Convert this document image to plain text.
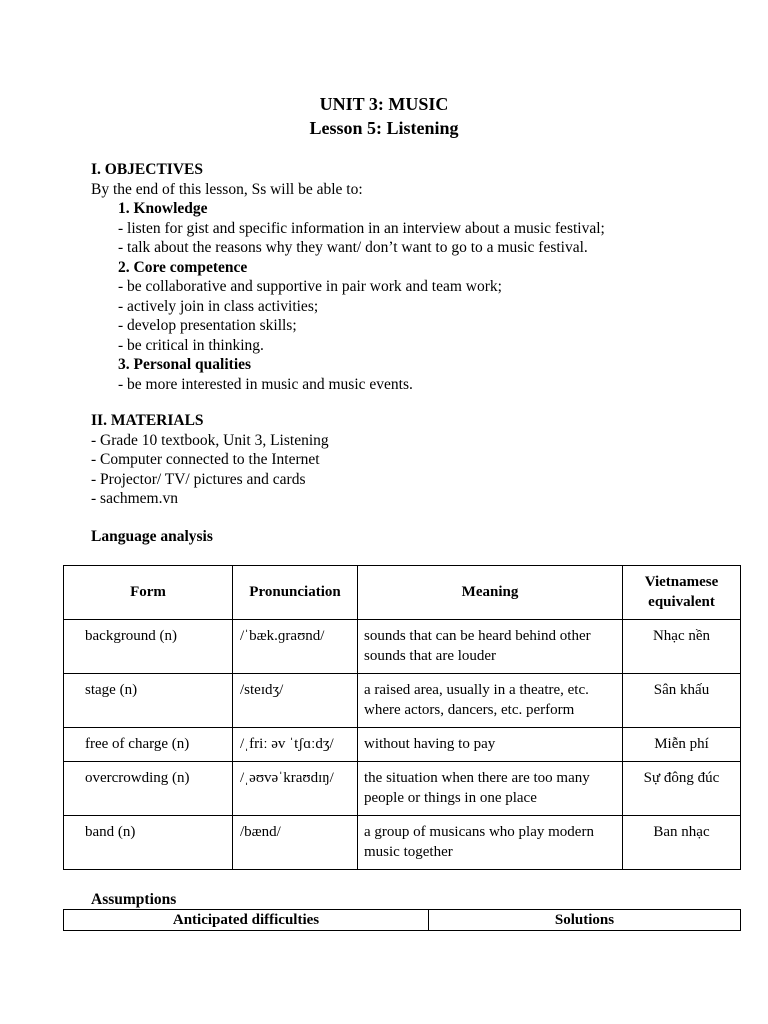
UNIT 3: MUSIC
Lesson 5: Listening
I. OBJECTIVES
By the end of this lesson, Ss will be able to:
1. Knowledge
- listen for gist and specific information in an interview about a music festival;
- talk about the reasons why they want/ don’t want to go to a music festival.
2. Core competence
- be collaborative and supportive in pair work and team work;
- actively join in class activities;
- develop presentation skills;
- be critical in thinking.
3. Personal qualities
- be more interested in music and music events.
II. MATERIALS
- Grade 10 textbook, Unit 3, Listening
- Computer connected to the Internet
- Projector/ TV/ pictures and cards
- sachmem.vn
Language analysis
Form	Pronunciation	Meaning	Vietnamese equivalent
background (n)	/ˈbæk.ɡraʊnd/	sounds that can be heard behind other sounds that are louder	Nhạc nền
stage (n)	/steɪdʒ/	a raised area, usually in a theatre, etc. where actors, dancers, etc. perform	Sân khấu
free of charge (n)	/ˌfriː əv ˈtʃɑːdʒ/	without having to pay	Miễn phí
overcrowding (n)	/ˌəʊvəˈkraʊdɪŋ/	the situation when there are too many people or things in one place	Sự đông đúc
band (n)	/bænd/	a group of musicans who play modern music together	Ban nhạc
Assumptions
Anticipated difficulties	Solutions
